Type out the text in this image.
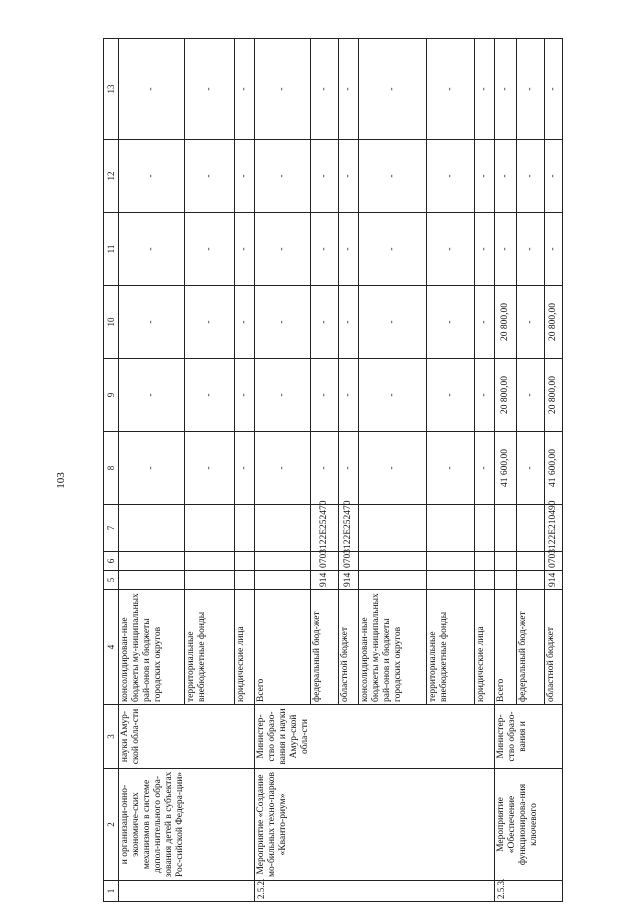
103
1	2	3	4	5	6	7	8	9	10	11	12	13
	и организаци-онно-экономиче-ских механизмов в системе допол-нительного обра-зования детей в субъектах Рос-сийской Федера-ции»	науки Амур-ской обла-сти	консолидирован-ные бюджеты му-ниципальных рай-онов и бюджеты городских округов				-	-	-	-	-	-
			территориальные внебюджетные фонды				-	-	-	-	-	-
			юридические лица				-	-	-	-	-	-
2.5.2.	Мероприятие «Создание мо-бильных техно-парков «Кванто-риум»	Министер-ство образо-вания и науки Амур-ской обла-сти	Всего				-	-	-	-	-	-
			федеральный бюд-жет	914	0703	122E252470	-	-	-	-	-	-
			областной бюджет	914	0703	122E252470	-	-	-	-	-	-
			консолидирован-ные бюджеты му-ниципальных рай-онов и бюджеты городских округов				-	-	-	-	-	-
			территориальные внебюджетные фонды				-	-	-	-	-	-
			юридические лица				-	-	-	-	-	-
2.5.3.	Мероприятие «Обеспечение функционирова-ния ключевого	Министер-ство образо-вания и	Всего				41 600,00	20 800,00	20 800,00	-	-	-
			федеральный бюд-жет				-	-	-	-	-	-
			областной бюджет	914	0703	122E210490	41 600,00	20 800,00	20 800,00	-	-	-
